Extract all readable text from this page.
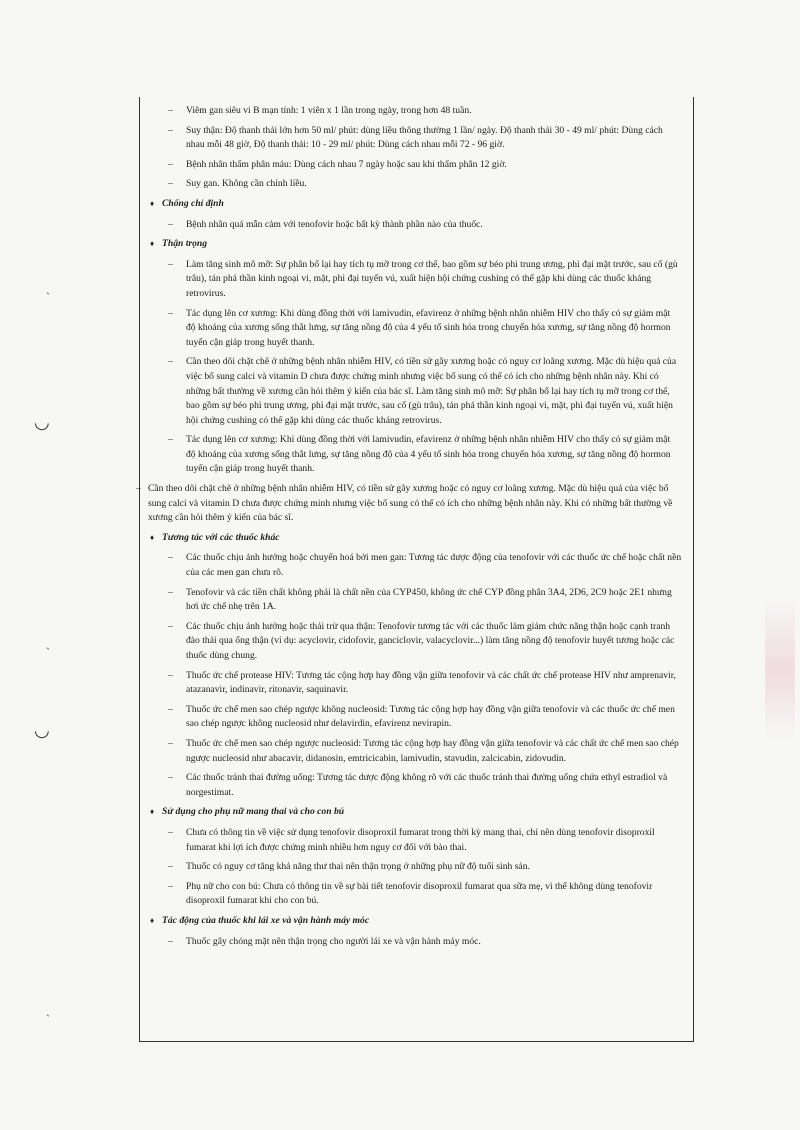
`
◡
`
◡
`
– Viêm gan siêu vi B mạn tính: 1 viên x 1 lần trong ngày, trong hơn 48 tuần.
– Suy thận: Độ thanh thải lớn hơn 50 ml/ phút: dùng liều thông thường 1 lần/ ngày. Độ thanh thải 30 - 49 ml/ phút: Dùng cách nhau mỗi 48 giờ, Độ thanh thải: 10 - 29 ml/ phút: Dùng cách nhau mỗi 72 - 96 giờ.
– Bệnh nhân thẩm phân máu: Dùng cách nhau 7 ngày hoặc sau khi thẩm phân 12 giờ.
– Suy gan. Không cần chỉnh liều.
♦ Chống chỉ định
– Bệnh nhân quá mẫn cảm với tenofovir hoặc bất kỳ thành phần nào của thuốc.
♦ Thận trọng
– Làm tăng sinh mô mỡ: Sự phân bổ lại hay tích tụ mỡ trong cơ thể, bao gồm sự béo phì trung ương, phì đại mặt trước, sau cổ (gù trâu), tán phá thần kinh ngoại vi, mặt, phì đại tuyến vú, xuất hiện hội chứng cushing có thể gặp khi dùng các thuốc kháng retrovirus.
– Tác dụng lên cơ xương: Khi dùng đồng thời với lamivudin, efavirenz ở những bệnh nhân nhiễm HIV cho thấy có sự giảm mật độ khoáng của xương sống thắt lưng, sự tăng nồng độ của 4 yếu tố sinh hóa trong chuyển hóa xương, sự tăng nồng độ hormon tuyến cận giáp trong huyết thanh.
– Cần theo dõi chặt chẽ ở những bệnh nhân nhiễm HIV, có tiền sử gãy xương hoặc có nguy cơ loãng xương. Mặc dù hiệu quả của việc bổ sung calci và vitamin D chưa được chứng minh nhưng việc bổ sung có thể có ích cho những bệnh nhân này. Khi có những bất thường về xương cần hỏi thêm ý kiến của bác sĩ. Làm tăng sinh mô mỡ: Sự phân bố lại hay tích tụ mỡ trong cơ thể, bao gồm sự béo phì trung ương, phì đại mặt trước, sau cổ (gù trâu), tán phá thần kinh ngoại vi, mặt, phì đại tuyến vú, xuất hiện hội chứng cushing có thể gặp khi dùng các thuốc kháng retrovirus.
– Tác dụng lên cơ xương: Khi dùng đồng thời với lamivudin, efavirenz ở những bệnh nhân nhiễm HIV cho thấy có sự giảm mật độ khoáng của xương sống thắt lưng, sự tăng nồng độ của 4 yếu tố sinh hóa trong chuyển hóa xương, sự tăng nồng độ hormon tuyến cận giáp trong huyết thanh.
– Cần theo dõi chặt chẽ ở những bệnh nhân nhiễm HIV, có tiền sử gãy xương hoặc có nguy cơ loãng xương. Mặc dù hiệu quả của việc bổ sung calci và vitamin D chưa được chứng minh nhưng việc bổ sung có thể có ích cho những bệnh nhân này. Khi có những bất thường về xương cần hỏi thêm ý kiến của bác sĩ.
♦ Tương tác với các thuốc khác
– Các thuốc chịu ảnh hưởng hoặc chuyển hoá bởi men gan: Tương tác dược động của tenofovir với các thuốc ức chế hoặc chất nền của các men gan chưa rõ.
– Tenofovir và các tiền chất không phải là chất nền của CYP450, không ức chế CYP đồng phân 3A4, 2D6, 2C9 hoặc 2E1 nhưng hơi ức chế nhẹ trên 1A.
– Các thuốc chịu ảnh hưởng hoặc thải trừ qua thận: Tenofovir tương tác với các thuốc làm giảm chức năng thận hoặc cạnh tranh đào thải qua ống thận (ví dụ: acyclovir, cidofovir, ganciclovir, valacyclovir...) làm tăng nồng độ tenofovir huyết tương hoặc các thuốc dùng chung.
– Thuốc ức chế protease HIV: Tương tác cộng hợp hay đồng vận giữa tenofovir và các chất ức chế protease HIV như amprenavir, atazanavir, indinavir, ritonavir, saquinavir.
– Thuốc ức chế men sao chép ngược không nucleosid: Tương tác cộng hợp hay đồng vận giữa tenofovir và các thuốc ức chế men sao chép ngược không nucleosid như delavirdin, efavirenz nevirapin.
– Thuốc ức chế men sao chép ngược nucleosid: Tương tác cộng hợp hay đồng vận giữa tenofovir và các chất ức chế men sao chép ngược nucleosid như abacavir, didanosin, emtricicabin, lamivudin, stavudin, zalcicabin, zidovudin.
– Các thuốc tránh thai đường uống: Tương tác dược động không rõ với các thuốc tránh thai đường uống chứa ethyl estradiol và norgestimat.
♦ Sử dụng cho phụ nữ mang thai và cho con bú
– Chưa có thông tin về việc sử dụng tenofovir disoproxil fumarat trong thời kỳ mang thai, chỉ nên dùng tenofovir disoproxil fumarat khi lợi ích được chứng minh nhiều hơn nguy cơ đối với bào thai.
– Thuốc có nguy cơ tăng khả năng thư thai nên thận trọng ở những phụ nữ độ tuổi sinh sản.
– Phụ nữ cho con bú: Chưa có thông tin về sự bài tiết tenofovir disoproxil fumarat qua sữa mẹ, vì thế không dùng tenofovir disoproxil fumarat khi cho con bú.
♦ Tác động của thuốc khi lái xe và vận hành máy móc
– Thuốc gây chóng mặt nên thận trọng cho người lái xe và vận hành máy móc.
